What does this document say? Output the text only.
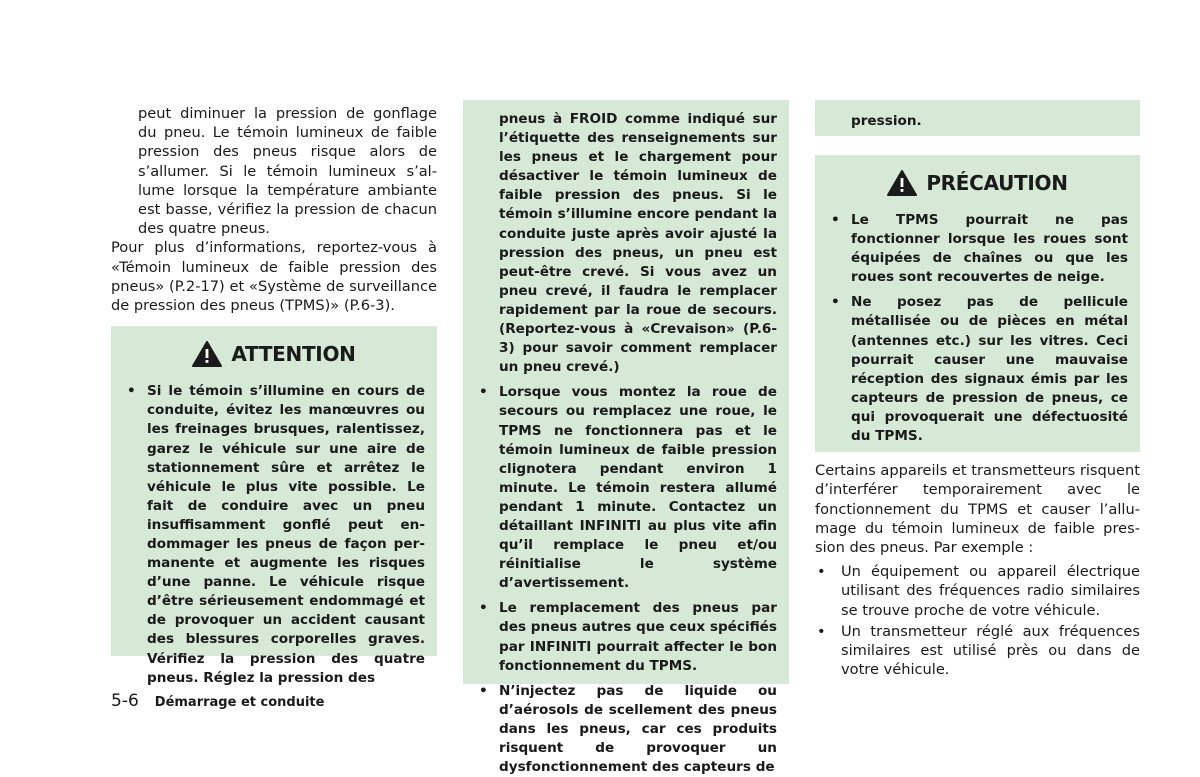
peut diminuer la pression de gonflage du pneu. Le témoin lumineux de faible pression des pneus risque alors de s’allumer. Si le témoin lumineux s’allume lorsque la température ambiante est basse, vérifiez la pression de chacun des quatre pneus.

Pour plus d’informations, reportez-vous à «Témoin lumineux de faible pression des pneus» (P.2-17) et «Système de surveillance de pression des pneus (TPMS)» (P.6-3).

ATTENTION
• Si le témoin s’illumine en cours de conduite, évitez les manœuvres ou les freinages brusques, ralentissez, garez le véhicule sur une aire de stationnement sûre et arrêtez le véhicule le plus vite possible. Le fait de conduire avec un pneu insuffisamment gonflé peut endommager les pneus de façon permanente et augmente les risques d’une panne. Le véhicule risque d’être sérieusement endommagé et de provoquer un accident causant des blessures corporelles graves. Vérifiez la pression des quatre pneus. Réglez la pression des
pneus à FROID comme indiqué sur l’étiquette des renseignements sur les pneus et le chargement pour désactiver le témoin lumineux de faible pression des pneus. Si le témoin s’illumine encore pendant la conduite juste après avoir ajusté la pression des pneus, un pneu est peut-être crevé. Si vous avez un pneu crevé, il faudra le remplacer rapidement par la roue de secours. (Reportez-vous à «Crevaison» (P.6-3) pour savoir comment remplacer un pneu crevé.)
• Lorsque vous montez la roue de secours ou remplacez une roue, le TPMS ne fonctionnera pas et le témoin lumineux de faible pression clignotera pendant environ 1 minute. Le témoin restera allumé pendant 1 minute. Contactez un détaillant INFINITI au plus vite afin qu’il remplace le pneu et/ou réinitialise le système d’avertissement.
• Le remplacement des pneus par des pneus autres que ceux spécifiés par INFINITI pourrait affecter le bon fonctionnement du TPMS.
• N’injectez pas de liquide ou d’aérosols de scellement des pneus dans les pneus, car ces produits risquent de provoquer un dysfonctionnement des capteurs de
pression.
PRÉCAUTION
• Le TPMS pourrait ne pas fonctionner lorsque les roues sont équipées de chaînes ou que les roues sont recouvertes de neige.
• Ne posez pas de pellicule métallisée ou de pièces en métal (antennes etc.) sur les vitres. Ceci pourrait causer une mauvaise réception des signaux émis par les capteurs de pression de pneus, ce qui provoquerait une défectuosité du TPMS.

Certains appareils et transmetteurs risquent d’interférer temporairement avec le fonctionnement du TPMS et causer l’allumage du témoin lumineux de faible pression des pneus. Par exemple :

• Un équipement ou appareil électrique utilisant des fréquences radio similaires se trouve proche de votre véhicule.
• Un transmetteur réglé aux fréquences similaires est utilisé près ou dans de votre véhicule.
5-6 Démarrage et conduite
